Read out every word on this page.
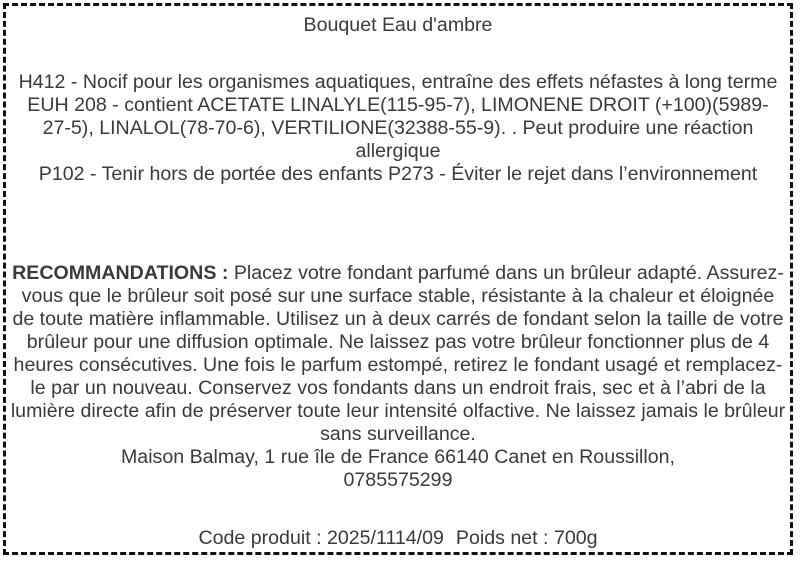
Bouquet Eau d'ambre

H412 - Nocif pour les organismes aquatiques, entraîne des effets néfastes à long terme

EUH 208 - contient ACETATE LINALYLE(115-95-7), LIMONENE DROIT (+100)(5989-27-5), LINALOL(78-70-6), VERTILIONE(32388-55-9). . Peut produire une réaction allergique

P102 - Tenir hors de portée des enfants P273 - Éviter le rejet dans l’environnement

RECOMMANDATIONS : Placez votre fondant parfumé dans un brûleur adapté. Assurez-vous que le brûleur soit posé sur une surface stable, résistante à la chaleur et éloignée de toute matière inflammable. Utilisez un à deux carrés de fondant selon la taille de votre brûleur pour une diffusion optimale. Ne laissez pas votre brûleur fonctionner plus de 4 heures consécutives. Une fois le parfum estompé, retirez le fondant usagé et remplacez-le par un nouveau. Conservez vos fondants dans un endroit frais, sec et à l’abri de la lumière directe afin de préserver toute leur intensité olfactive. Ne laissez jamais le brûleur sans surveillance.

Maison Balmay, 1 rue île de France 66140 Canet en Roussillon,

0785575299

Code produit : 2025/1114/09 Poids net : 700g
